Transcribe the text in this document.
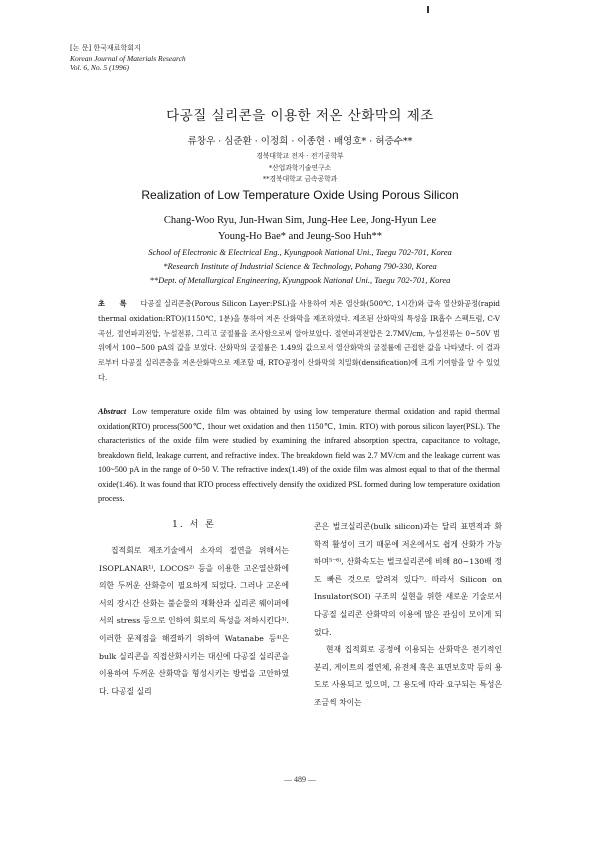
[논 문] 한국재료학회지
Korean Journal of Materials Research
Vol. 6, No. 5 (1996)
다공질 실리콘을 이용한 저온 산화막의 제조
류창우 · 심준환 · 이정희 · 이종현 · 배영호* · 허증수**
경북대학교 전자 · 전기공학부
*산업과학기술연구소
**경북대학교 금속공학과
Realization of Low Temperature Oxide Using Porous Silicon
Chang-Woo Ryu, Jun-Hwan Sim, Jung-Hee Lee, Jong-Hyun Lee
Young-Ho Bae* and Jeung-Soo Huh**
School of Electronic & Electrical Eng., Kyungpook National Uni., Taegu 702-701, Korea
*Research Institute of Industrial Science & Technology, Pohang 790-330, Korea
**Dept. of Metallurgical Engineering, Kyungpook National Uni., Taegu 702-701, Korea
초 록 다공질 실리콘층(Porous Silicon Layer:PSL)을 사용하여 저온 열산화(500℃, 1시간)와 급속 열산화공정(rapid thermal oxidation:RTO)(1150℃, 1분)을 통하여 저온 산화막을 제조하였다. 제조된 산화막의 특성을 IR흡수 스펙트럼, C-V 곡선, 절연파괴전압, 누설전류, 그리고 굴절률을 조사함으로써 알아보았다. 절연파괴전압은 2.7MV/cm, 누설전류는 0~50V 범위에서 100~500 pA의 값을 보였다. 산화막의 굴절률은 1.49의 값으로서 열산화막의 굴절률에 근접한 값을 나타냈다. 이 결과로부터 다공질 실리콘층을 저온산화막으로 제조할 때, RTO공정이 산화막의 치밀화(densification)에 크게 기여함을 알 수 있었다.
Abstract Low temperature oxide film was obtained by using low temperature thermal oxidation and rapid thermal oxidation(RTO) process(500℃, 1hour wet oxidation and then 1150℃, 1min. RTO) with porous silicon layer(PSL). The characteristics of the oxide film were studied by examining the infrared absorption spectra, capacitance to voltage, breakdown field, leakage current, and refractive index. The breakdown field was 2.7 MV/cm and the leakage current was 100~500 pA in the range of 0~50 V. The refractive index(1.49) of the oxide film was almost equal to that of the thermal oxide(1.46). It was found that RTO process effectively densify the oxidized PSL formed during low temperature oxidation process.
1. 서 론

집적회로 제조기술에서 소자의 절연을 위해서는 ISOPLANAR¹⁾, LOCOS²⁾ 등을 이용한 고온열산화에 의한 두꺼운 산화층이 필요하게 되었다. 그러나 고온에서의 장시간 산화는 불순물의 재확산과 실리콘 웨이퍼에서의 stress 등으로 인하여 회로의 특성을 저하시킨다³⁾. 이러한 문제점을 해결하기 위하여 Watanabe 등⁴⁾은 bulk 실리콘을 직접산화시키는 대신에 다공질 실리콘을 이용하여 두꺼운 산화막을 형성시키는 방법을 고안하였다. 다공질 실리

콘은 벌크실리콘(bulk silicon)과는 달리 표면적과 화학적 활성이 크기 때문에 저온에서도 쉽게 산화가 가능하며⁵⁻⁶⁾, 산화속도는 벌크실리콘에 비해 80~130배 정도 빠른 것으로 알려져 있다⁷⁾. 따라서 Silicon on Insulator(SOI) 구조의 실현을 위한 새로운 기술로서 다공질 실리콘 산화막의 이용에 많은 관심이 모이게 되었다.

현재 집적회로 공정에 이용되는 산화막은 전기적인 분리, 게이트의 절연체, 유전체 혹은 표면보호막 등의 용도로 사용되고 있으며, 그 용도에 따라 요구되는 특성은 조금씩 차이는

— 489 —
